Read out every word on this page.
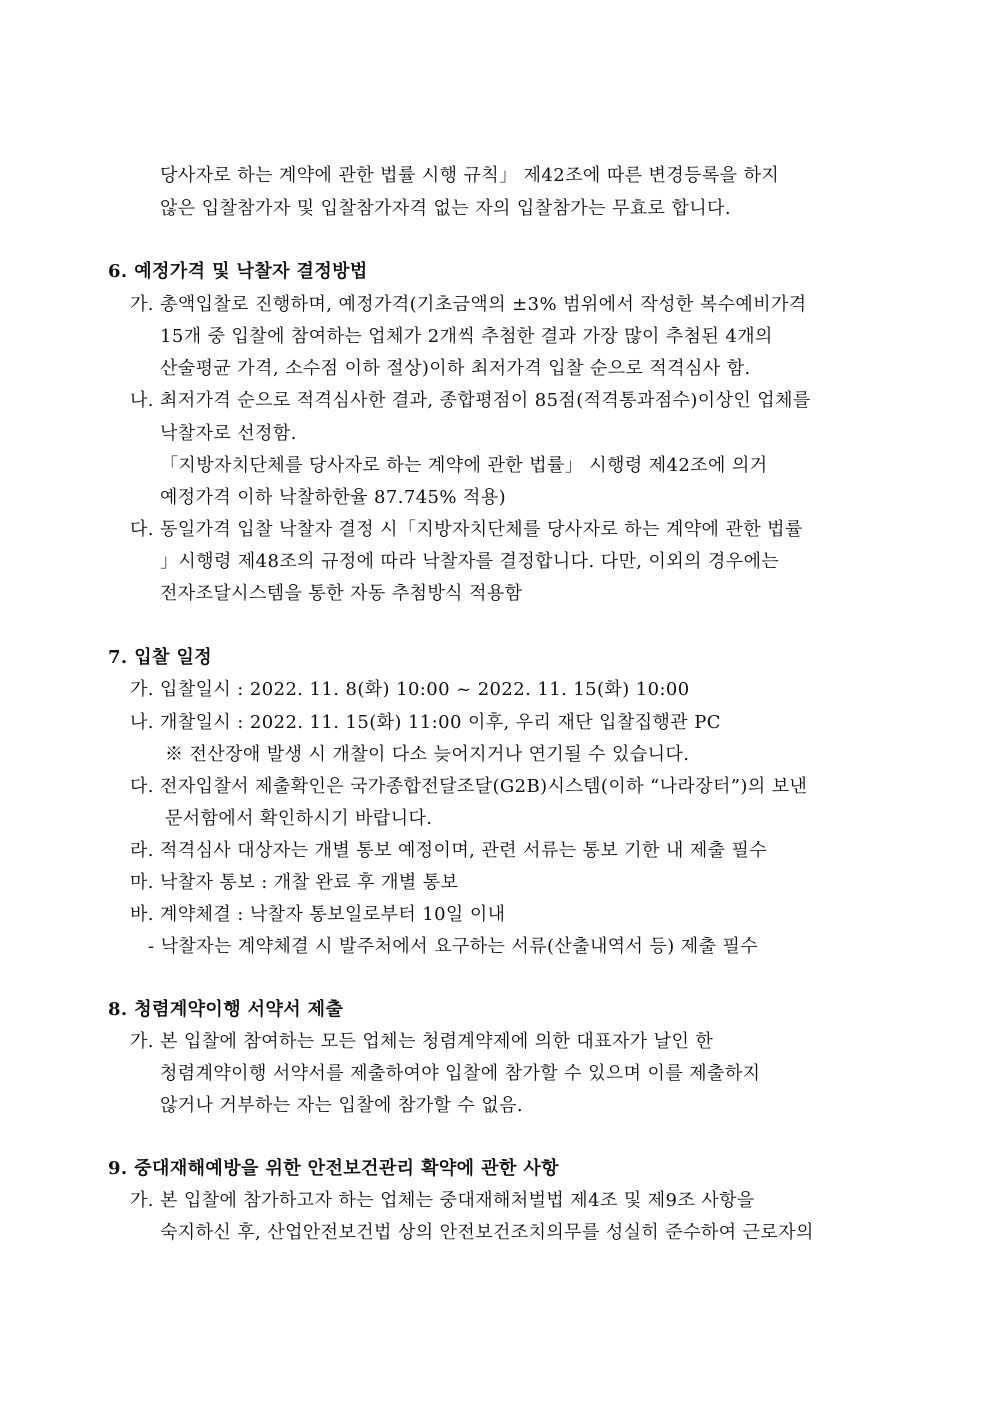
당사자로 하는 계약에 관한 법률 시행 규칙」 제42조에 따른 변경등록을 하지
않은 입찰참가자 및 입찰참가자격 없는 자의 입찰참가는 무효로 합니다.
6. 예정가격 및 낙찰자 결정방법
가. 총액입찰로 진행하며, 예정가격(기초금액의 ±3% 범위에서 작성한 복수예비가격
15개 중 입찰에 참여하는 업체가 2개씩 추첨한 결과 가장 많이 추첨된 4개의
산술평균 가격, 소수점 이하 절상)이하 최저가격 입찰 순으로 적격심사 함.
나. 최저가격 순으로 적격심사한 결과, 종합평점이 85점(적격통과점수)이상인 업체를
낙찰자로 선정함.
「지방자치단체를 당사자로 하는 계약에 관한 법률」 시행령 제42조에 의거
예정가격 이하 낙찰하한율 87.745% 적용)
다. 동일가격 입찰 낙찰자 결정 시「지방자치단체를 당사자로 하는 계약에 관한 법률
」시행령 제48조의 규정에 따라 낙찰자를 결정합니다. 다만, 이외의 경우에는
전자조달시스템을 통한 자동 추첨방식 적용함
7. 입찰 일정
가. 입찰일시 : 2022. 11. 8(화) 10:00 ~ 2022. 11. 15(화) 10:00
나. 개찰일시 : 2022. 11. 15(화) 11:00 이후, 우리 재단 입찰집행관 PC
※ 전산장애 발생 시 개찰이 다소 늦어지거나 연기될 수 있습니다.
다. 전자입찰서 제출확인은 국가종합전달조달(G2B)시스템(이하 “나라장터”)의 보낸
문서함에서 확인하시기 바랍니다.
라. 적격심사 대상자는 개별 통보 예정이며, 관련 서류는 통보 기한 내 제출 필수
마. 낙찰자 통보 : 개찰 완료 후 개별 통보
바. 계약체결 : 낙찰자 통보일로부터 10일 이내
- 낙찰자는 계약체결 시 발주처에서 요구하는 서류(산출내역서 등) 제출 필수
8. 청렴계약이행 서약서 제출
가. 본 입찰에 참여하는 모든 업체는 청렴계약제에 의한 대표자가 날인 한
청렴계약이행 서약서를 제출하여야 입찰에 참가할 수 있으며 이를 제출하지
않거나 거부하는 자는 입찰에 참가할 수 없음.
9. 중대재해예방을 위한 안전보건관리 확약에 관한 사항
가. 본 입찰에 참가하고자 하는 업체는 중대재해처벌법 제4조 및 제9조 사항을
숙지하신 후, 산업안전보건법 상의 안전보건조치의무를 성실히 준수하여 근로자의
